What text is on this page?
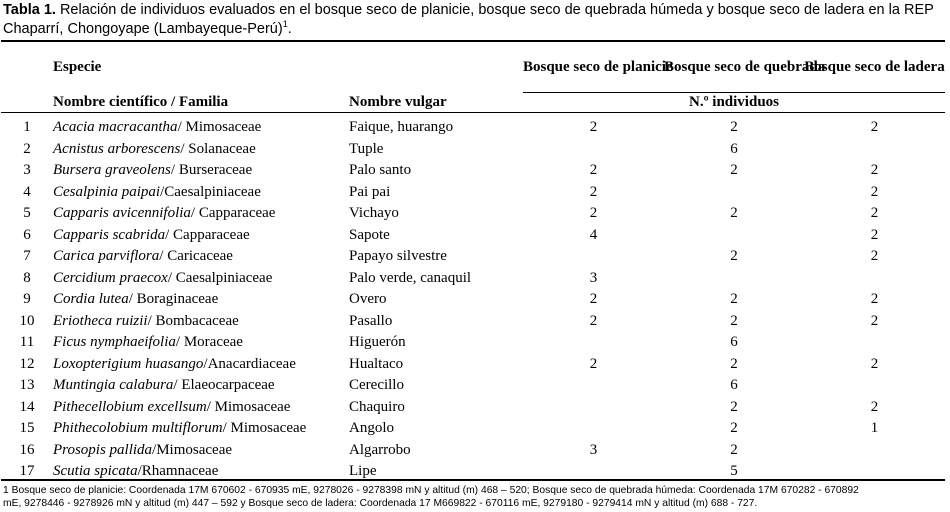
Tabla 1. Relación de individuos evaluados en el bosque seco de planicie, bosque seco de quebrada húmeda y bosque seco de ladera en la REP Chaparrí, Chongoyape (Lambayeque-Perú)$^1$.
	Especie		Bosque seco de planicie	Bosque seco de quebrada	Bosque seco de ladera
	Nombre científico / Familia	Nombre vulgar	N.º individuos		

1	Acacia macracantha/ Mimosaceae	Faique, huarango	2	2	2
2	Acnistus arborescens/ Solanaceae	Tuple		6	
3	Bursera graveolens/ Burseraceae	Palo santo	2	2	2
4	Cesalpinia paipai/Caesalpiniaceae	Pai pai	2		2
5	Capparis avicennifolia/ Capparaceae	Vichayo	2	2	2
6	Capparis scabrida/ Capparaceae	Sapote	4		2
7	Carica parviflora/ Caricaceae	Papayo silvestre		2	2
8	Cercidium praecox/ Caesalpiniaceae	Palo verde, canaquil	3		
9	Cordia lutea/ Boraginaceae	Overo	2	2	2
10	Eriotheca ruizii/ Bombacaceae	Pasallo	2	2	2
11	Ficus nymphaeifolia/ Moraceae	Higuerón		6	
12	Loxopterigium huasango/Anacardiaceae	Hualtaco	2	2	2
13	Muntingia calabura/ Elaeocarpaceae	Cerecillo		6	
14	Pithecellobium excellsum/ Mimosaceae	Chaquiro		2	2
15	Phithecolobium multiflorum/ Mimosaceae	Angolo		2	1
16	Prosopis pallida/Mimosaceae	Algarrobo	3	2	
17	Scutia spicata/Rhamnaceae	Lipe		5	
1 Bosque seco de planicie: Coordenada 17M 670602 - 670935 mE, 9278026 - 9278398 mN y altitud (m) 468 – 520; Bosque seco de quebrada húmeda: Coordenada 17M 670282 - 670892
mE, 9278446 - 9278926 mN y altitud (m) 447 – 592 y Bosque seco de ladera: Coordenada 17 M669822 - 670116 mE, 9279180 - 9279414 mN y altitud (m) 688 - 727.
